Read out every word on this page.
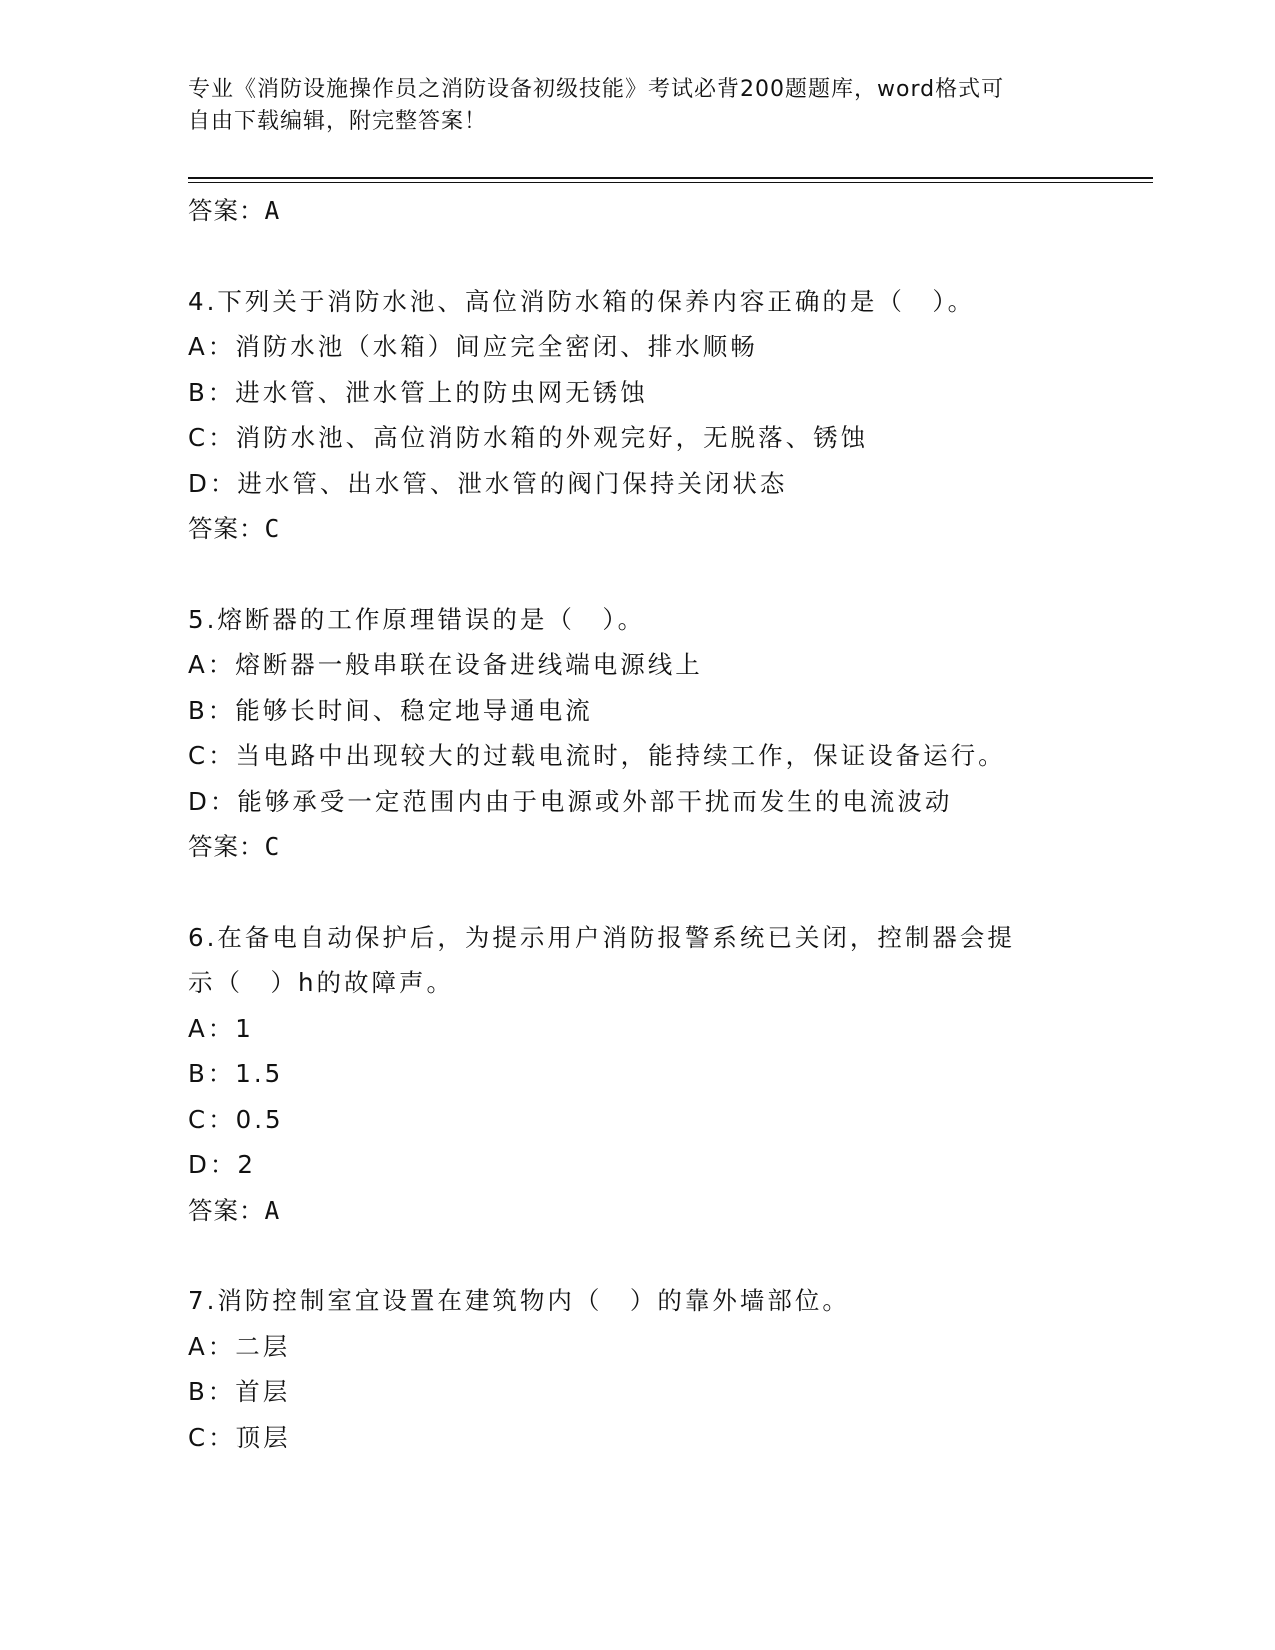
专业《消防设施操作员之消防设备初级技能》考试必背200题题库，word格式可
自由下载编辑，附完整答案！
答案：A
4.下列关于消防水池、高位消防水箱的保养内容正确的是（　）。
A：消防水池（水箱）间应完全密闭、排水顺畅
B：进水管、泄水管上的防虫网无锈蚀
C：消防水池、高位消防水箱的外观完好，无脱落、锈蚀
D：进水管、出水管、泄水管的阀门保持关闭状态
答案：C
5.熔断器的工作原理错误的是（　）。
A：熔断器一般串联在设备进线端电源线上
B：能够长时间、稳定地导通电流
C：当电路中出现较大的过载电流时，能持续工作，保证设备运行。
D：能够承受一定范围内由于电源或外部干扰而发生的电流波动
答案：C
6.在备电自动保护后，为提示用户消防报警系统已关闭，控制器会提
示（　）h的故障声。
A：1
B：1.5
C：0.5
D：2
答案：A
7.消防控制室宜设置在建筑物内（　）的靠外墙部位。
A：二层
B：首层
C：顶层
